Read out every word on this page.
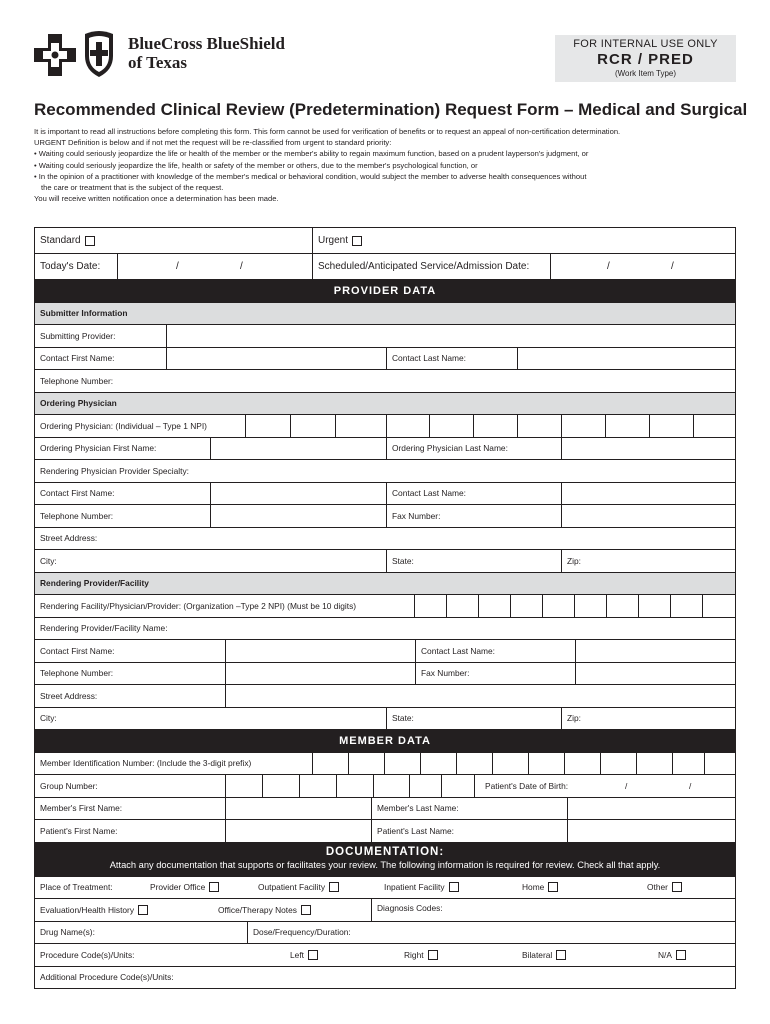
BlueCross BlueShield
of Texas
FOR INTERNAL USE ONLY
RCR / PRED
(Work Item Type)
Recommended Clinical Review (Predetermination) Request Form – Medical and Surgical
It is important to read all instructions before completing this form. This form cannot be used for verification of benefits or to request an appeal of non-certification determination.
URGENT Definition is below and if not met the request will be re-classified from urgent to standard priority:
• Waiting could seriously jeopardize the life or health of the member or the member's ability to regain maximum function, based on a prudent layperson's judgment, or
• Waiting could seriously jeopardize the life, health or safety of the member or others, due to the member's psychological function, or
• In the opinion of a practitioner with knowledge of the member's medical or behavioral condition, would subject the member to adverse health consequences without
the care or treatment that is the subject of the request.
You will receive written notification once a determination has been made.
Standard	Urgent
Today's Date:	/	/	Scheduled/Anticipated Service/Admission Date:	/	/
PROVIDER DATA
Submitter Information
Submitting Provider:
Contact First Name:	Contact Last Name:
Telephone Number:
Ordering Physician
Ordering Physician: (Individual – Type 1 NPI)
Ordering Physician First Name:	Ordering Physician Last Name:
Rendering Physician Provider Specialty:
Contact First Name:	Contact Last Name:
Telephone Number:	Fax Number:
Street Address:
City:	State:	Zip:
Rendering Provider/Facility
Rendering Facility/Physician/Provider: (Organization –Type 2 NPI) (Must be 10 digits)
Rendering Provider/Facility Name:
Contact First Name:	Contact Last Name:
Telephone Number:	Fax Number:
Street Address:
City:	State:	Zip:
MEMBER DATA
Member Identification Number: (Include the 3-digit prefix)
Group Number:	Patient's Date of Birth:	/	/
Member's First Name:	Member's Last Name:
Patient's First Name:	Patient's Last Name:
DOCUMENTATION:
Attach any documentation that supports or facilitates your review. The following information is required for review. Check all that apply.
Place of Treatment:	Provider Office	Outpatient Facility	Inpatient Facility	Home	Other
Evaluation/Health History	Office/Therapy Notes	Diagnosis Codes:
Drug Name(s):	Dose/Frequency/Duration:
Procedure Code(s)/Units:	Left	Right	Bilateral	N/A
Additional Procedure Code(s)/Units:
